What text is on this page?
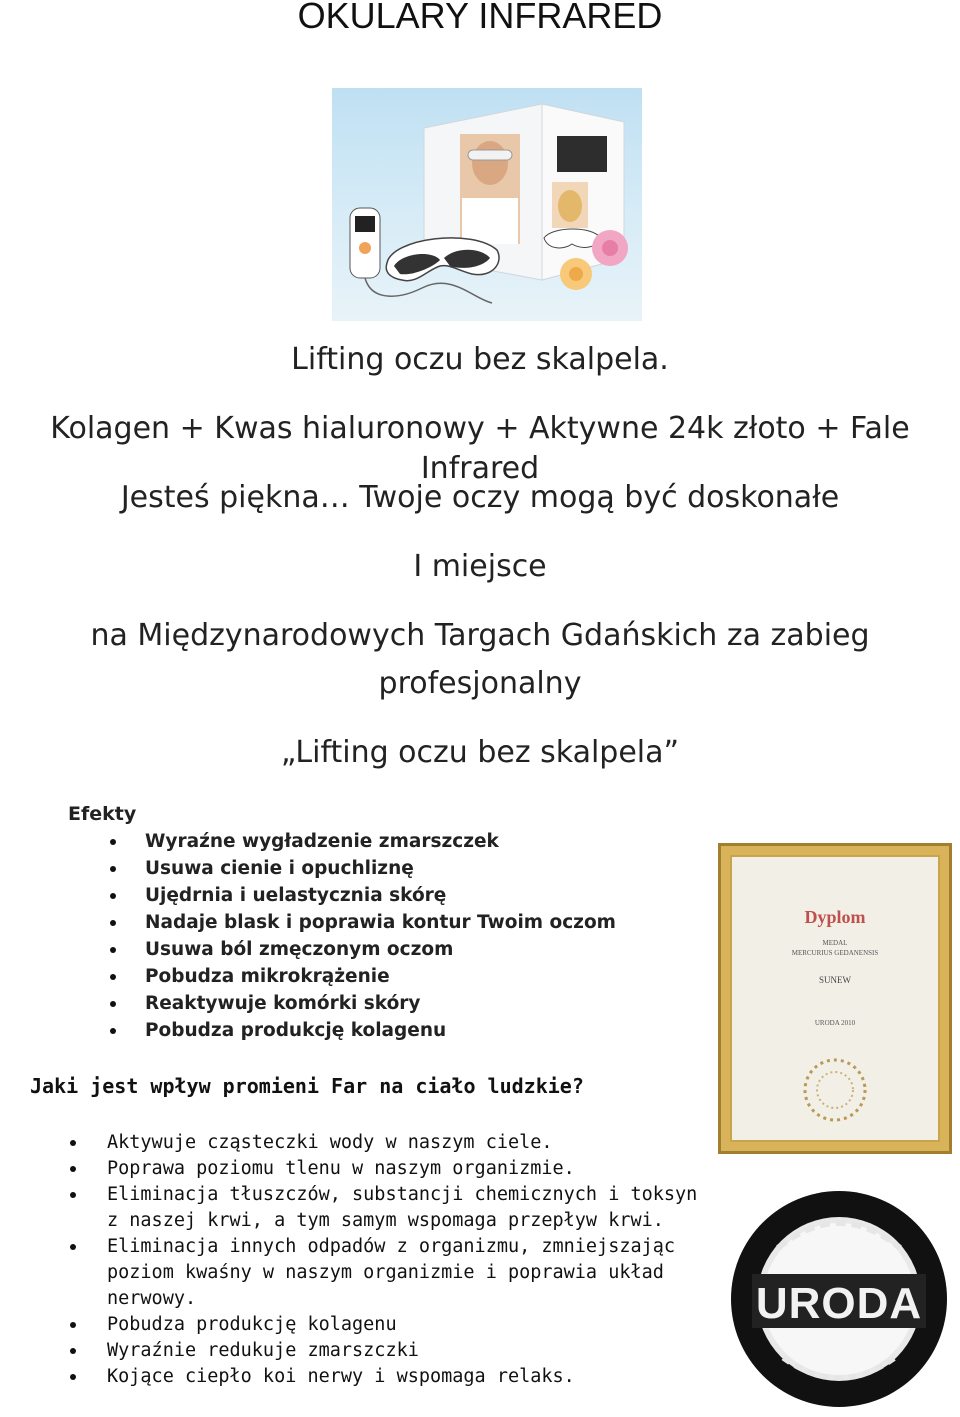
OKULARY INFRARED
Lifting oczu bez skalpela.
Kolagen + Kwas hialuronowy + Aktywne 24k złoto + Fale Infrared
Jesteś piękna… Twoje oczy mogą być doskonałe
I miejsce
na Międzynarodowych Targach Gdańskich za zabieg
profesjonalny
„Lifting oczu bez skalpela”
Efekty
Wyraźne wygładzenie zmarszczek
Usuwa cienie i opuchliznę
Ujędrnia i uelastycznia skórę
Nadaje blask i poprawia kontur Twoim oczom
Usuwa ból zmęczonym oczom
Pobudza mikrokrążenie
Reaktywuje komórki skóry
Pobudza produkcję kolagenu
Jaki jest wpływ promieni Far na ciało ludzkie?
Aktywuje cząsteczki wody w naszym ciele.
Poprawa poziomu tlenu w naszym organizmie.
Eliminacja tłuszczów, substancji chemicznych i toksyn z naszej krwi, a tym samym wspomaga przepływ krwi.
Eliminacja innych odpadów z organizmu, zmniejszając poziom kwaśny w naszym organizmie i poprawia układ nerwowy.
Pobudza produkcję kolagenu
Wyraźnie redukuje zmarszczki
Kojące ciepło koi nerwy i wspomaga relaks.
Dyplom
MEDAL
MERCURIUS GEDANENSIS
SUNEW
URODA 2010
URODA
